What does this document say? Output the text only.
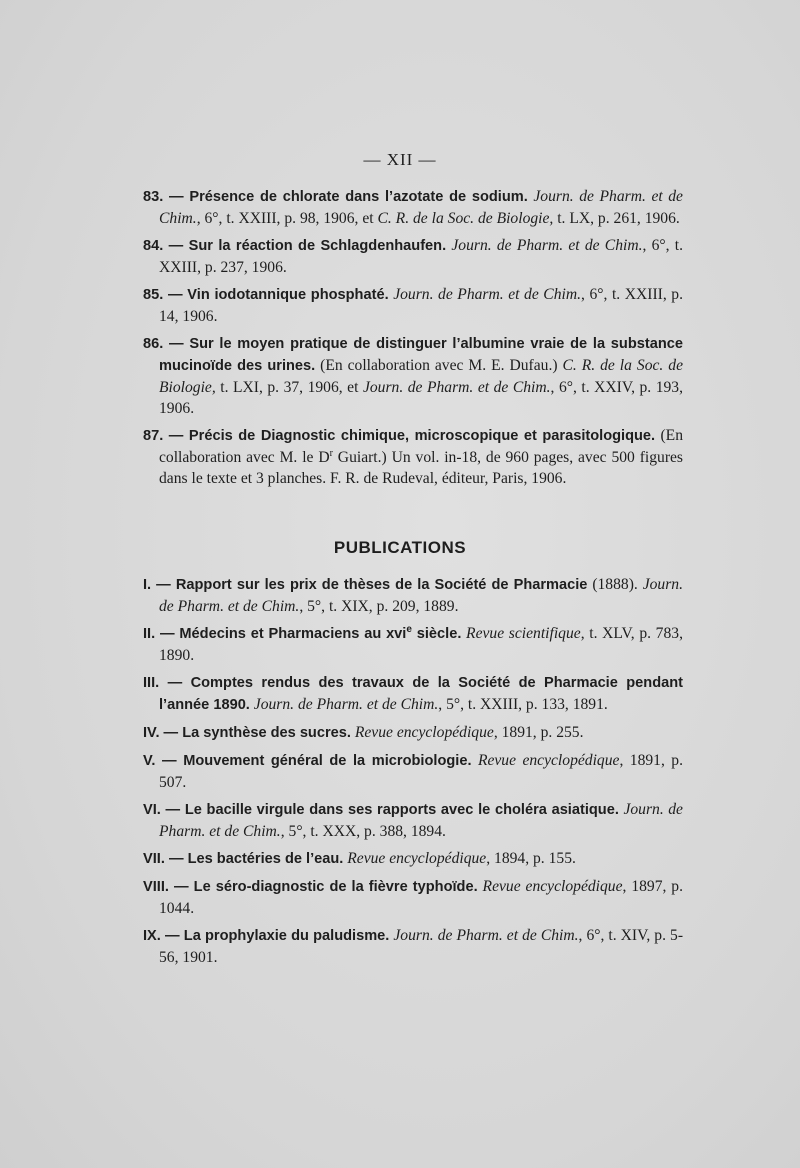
— XII —

83. — Présence de chlorate dans l’azotate de sodium. Journ. de Pharm. et de Chim., 6°, t. XXIII, p. 98, 1906, et C. R. de la Soc. de Biologie, t. LX, p. 261, 1906.

84. — Sur la réaction de Schlagdenhaufen. Journ. de Pharm. et de Chim., 6°, t. XXIII, p. 237, 1906.

85. — Vin iodotannique phosphaté. Journ. de Pharm. et de Chim., 6°, t. XXIII, p. 14, 1906.

86. — Sur le moyen pratique de distinguer l’albumine vraie de la substance mucinoïde des urines. (En collaboration avec M. E. Dufau.) C. R. de la Soc. de Biologie, t. LXI, p. 37, 1906, et Journ. de Pharm. et de Chim., 6°, t. XXIV, p. 193, 1906.

87. — Précis de Diagnostic chimique, microscopique et parasitologique. (En collaboration avec M. le $D^r$ Guiart.) Un vol. in-18, de 960 pages, avec 500 figures dans le texte et 3 planches. F. R. de Rudeval, éditeur, Paris, 1906.

PUBLICATIONS

I. — Rapport sur les prix de thèses de la Société de Pharmacie (1888). Journ. de Pharm. et de Chim., 5°, t. XIX, p. 209, 1889.

II. — Médecins et Pharmaciens au xvi$^e$ siècle. Revue scientifique, t. XLV, p. 783, 1890.

III. — Comptes rendus des travaux de la Société de Pharmacie pendant l’année 1890. Journ. de Pharm. et de Chim., 5°, t. XXIII, p. 133, 1891.

IV. — La synthèse des sucres. Revue encyclopédique, 1891, p. 255.

V. — Mouvement général de la microbiologie. Revue encyclopédique, 1891, p. 507.

VI. — Le bacille virgule dans ses rapports avec le choléra asiatique. Journ. de Pharm. et de Chim., 5°, t. XXX, p. 388, 1894.

VII. — Les bactéries de l’eau. Revue encyclopédique, 1894, p. 155.

VIII. — Le séro-diagnostic de la fièvre typhoïde. Revue encyclopédique, 1897, p. 1044.

IX. — La prophylaxie du paludisme. Journ. de Pharm. et de Chim., 6°, t. XIV, p. 5-56, 1901.
